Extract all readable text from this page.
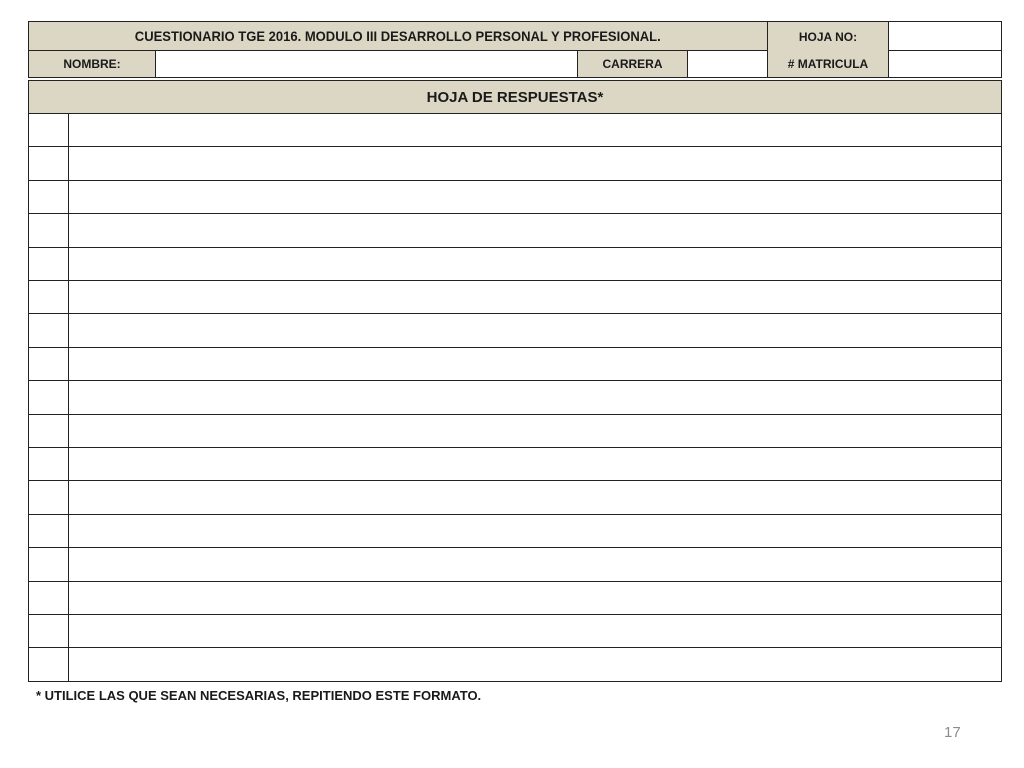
CUESTIONARIO TGE 2016. MODULO III DESARROLLO PERSONAL Y PROFESIONAL.	HOJA NO:
NOMBRE:	CARRERA	# MATRICULA
HOJA DE RESPUESTAS*
* UTILICE LAS QUE SEAN NECESARIAS, REPITIENDO ESTE FORMATO.
17
